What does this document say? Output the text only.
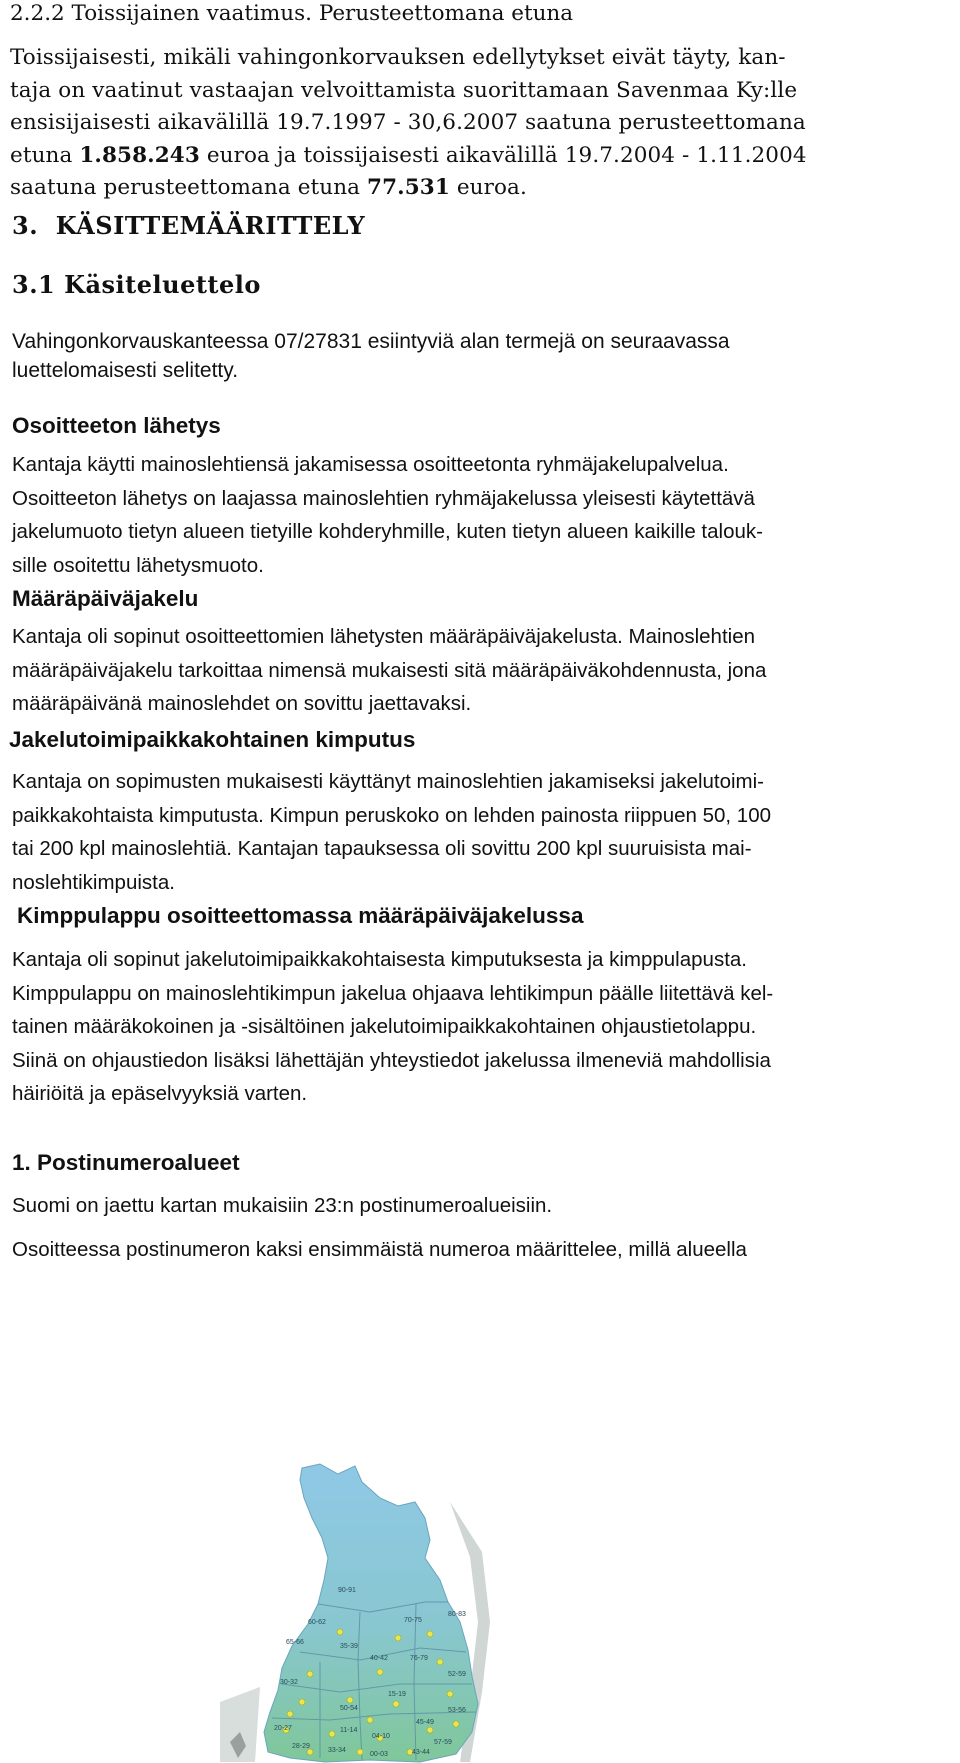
2.2.2 Toissijainen vaatimus. Perusteettomana etuna
Toissijaisesti, mikäli vahingonkorvauksen edellytykset eivät täyty, kan-
taja on vaatinut vastaajan velvoittamista suorittamaan Savenmaa Ky:lle
ensisijaisesti aikavälillä 19.7.1997 - 30,6.2007 saatuna perusteettomana
etuna 1.858.243 euroa ja toissijaisesti aikavälillä 19.7.2004 - 1.11.2004
saatuna perusteettomana etuna 77.531 euroa.
3.  KÄSITTEMÄÄRITTELY
3.1 Käsiteluettelo
Vahingonkorvauskanteessa 07/27831 esiintyviä alan termejä on seuraavassa
luettelomaisesti selitetty.
Osoitteeton lähetys
Kantaja käytti mainoslehtiensä jakamisessa osoitteetonta ryhmäjakelupalvelua.
Osoitteeton lähetys on laajassa mainoslehtien ryhmäjakelussa yleisesti käytettävä
jakelumuoto tietyn alueen tietyille kohderyhmille, kuten tietyn alueen kaikille talouk-
sille osoitettu lähetysmuoto.
Määräpäiväjakelu
Kantaja oli sopinut osoitteettomien lähetysten määräpäiväjakelusta. Mainoslehtien
määräpäiväjakelu tarkoittaa nimensä mukaisesti sitä määräpäiväkohdennusta, jona
määräpäivänä mainoslehdet on sovittu jaettavaksi.
Jakelutoimipaikkakohtainen kimputus
Kantaja on sopimusten mukaisesti käyttänyt mainoslehtien jakamiseksi jakelutoimi-
paikkakohtaista kimputusta. Kimpun peruskoko on lehden painosta riippuen 50, 100
tai 200 kpl mainoslehtiä. Kantajan tapauksessa oli sovittu 200 kpl suuruisista mai-
noslehtikimpuista.
Kimppulappu osoitteettomassa määräpäiväjakelussa
Kantaja oli sopinut jakelutoimipaikkakohtaisesta kimputuksesta ja kimppulapusta.
Kimppulappu on mainoslehtikimpun jakelua ohjaava lehtikimpun päälle liitettävä kel-
tainen määräkokoinen ja -sisältöinen jakelutoimipaikkakohtainen ohjaustietolappu.
Siinä on ohjaustiedon lisäksi lähettäjän yhteystiedot jakelussa ilmeneviä mahdollisia
häiriöitä ja epäselvyyksiä varten.
1. Postinumeroalueet
Suomi on jaettu kartan mukaisiin 23:n postinumeroalueisiin.
Osoitteessa postinumeron kaksi ensimmäistä numeroa määrittelee, millä alueella
90-91
60-62
65-66
70-75
80-83
35-39
40-42	76-79
52-59
30-32
15-19
50-54
20-27	11-14
04-10
45-49
53-56
28-29
33-34
00-03	43-44
57-59
